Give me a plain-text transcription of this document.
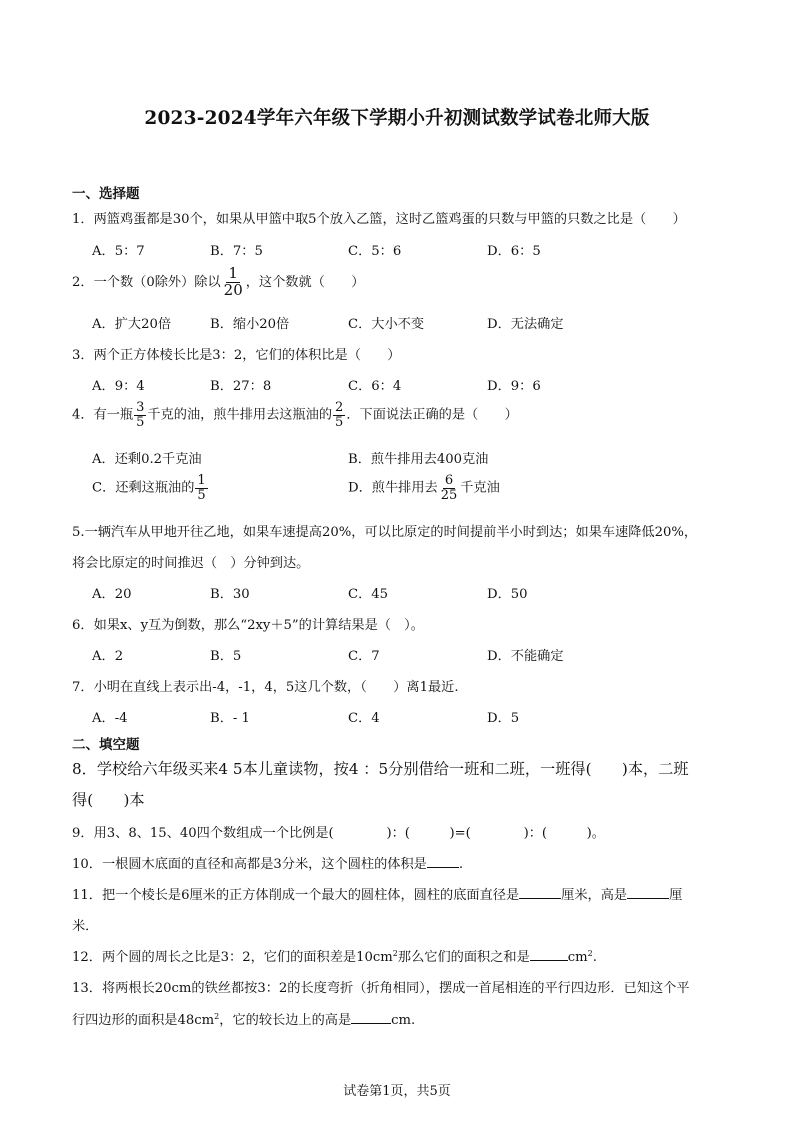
2023-2024学年六年级下学期小升初测试数学试卷北师大版
一、选择题
1．两篮鸡蛋都是30个，如果从甲篮中取5个放入乙篮，这时乙篮鸡蛋的只数与甲篮的只数之比是（　　）
A．5：7	B．7：5	C．5：6	D．6：5
2．一个数（0除外）除以 $\frac{1}{20}$ ，这个数就（　　）
A．扩大20倍	B．缩小20倍	C．大小不变	D．无法确定
3．两个正方体棱长比是3：2，它们的体积比是（　　）
A．9：4	B．27：8	C．6：4	D．9：6
4．有一瓶 $\frac{3}{5}$ 千克的油，煎牛排用去这瓶油的 $\frac{2}{5}$ ．下面说法正确的是（　　）
A．还剩0.2千克油	B．煎牛排用去400克油
C．还剩这瓶油的 $\frac{1}{5}$	D．煎牛排用去 $\frac{6}{25}$ 千克油
5.一辆汽车从甲地开往乙地，如果车速提高20%，可以比原定的时间提前半小时到达；如果车速降低20%，
将会比原定的时间推迟（　）分钟到达。
A．20	B．30	C．45	D．50
6．如果x、y互为倒数，那么“2xy＋5”的计算结果是（　）。
A．2	B．5	C．7	D．不能确定
7．小明在直线上表示出-4，-1，4，5这几个数，（　　）离1最近.
A．-4	B．- 1	C．4	D．5
二、填空题
8．学校给六年级买来4 5本儿童读物，按4 ：5分别借给一班和二班，一班得(　　)本，二班
得(　　)本
9．用3、8、15、40四个数组成一个比例是(　　　　)：(　　　)=(　　　　)：(　　　)。
10．一根圆木底面的直径和高都是3分米，这个圆柱的体积是 .
11．把一个棱长是6厘米的正方体削成一个最大的圆柱体，圆柱的底面直径是	厘米，高是	厘
米．
12．两个圆的周长之比是3：2，它们的面积差是$10cm^2$那么它们的面积之和是	$cm^2$.
13．将两根长20cm的铁丝都按3：2的长度弯折（折角相同），摆成一首尾相连的平行四边形．已知这个平
行四边形的面积是$48cm^2$，它的较长边上的高是	cm.
试卷第1页，共5页
